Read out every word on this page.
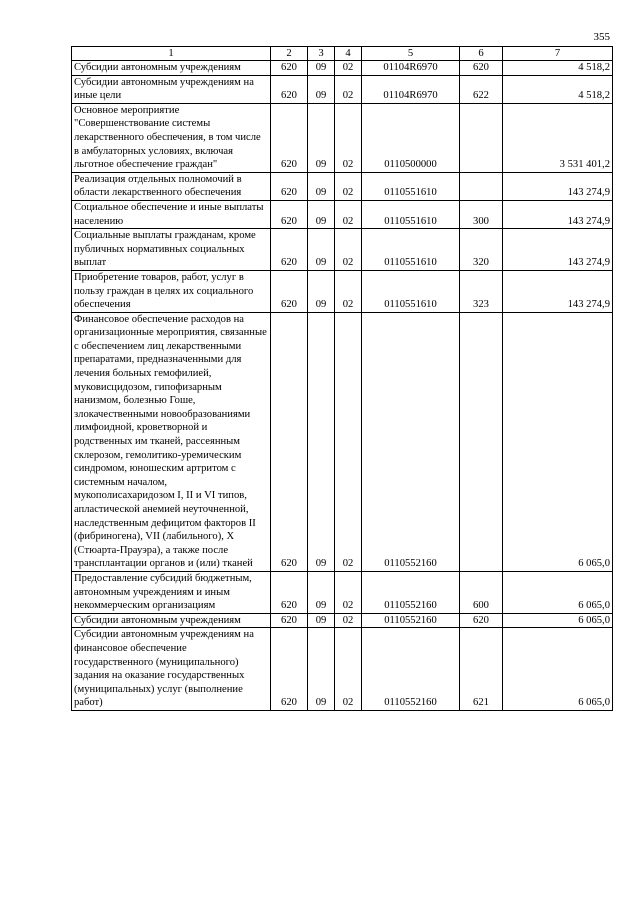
355
1	2	3	4	5	6	7
Субсидии автономным учреждениям	620	09	02	01104R6970	620	4 518,2
Субсидии автономным учреждениям на иные цели	620	09	02	01104R6970	622	4 518,2
Основное мероприятие "Совершенствование системы лекарственного обеспечения, в том числе в амбулаторных условиях, включая льготное обеспечение граждан"	620	09	02	0110500000		3 531 401,2
Реализация отдельных полномочий в области лекарственного обеспечения	620	09	02	0110551610		143 274,9
Социальное обеспечение и иные выплаты населению	620	09	02	0110551610	300	143 274,9
Социальные выплаты гражданам, кроме публичных нормативных социальных выплат	620	09	02	0110551610	320	143 274,9
Приобретение товаров, работ, услуг в пользу граждан в целях их социального обеспечения	620	09	02	0110551610	323	143 274,9
Финансовое обеспечение расходов на организационные мероприятия, связанные с обеспечением лиц лекарственными препаратами, предназначенными для лечения больных гемофилией, муковисцидозом, гипофизарным нанизмом, болезнью Гоше, злокачественными новообразованиями лимфоидной, кроветворной и родственных им тканей, рассеянным склерозом, гемолитико-уремическим синдромом, юношеским артритом с системным началом, мукополисахаридозом I, II и VI типов, апластической анемией неуточненной, наследственным дефицитом факторов II (фибриногена), VII (лабильного), X (Стюарта-Прауэра), а также после трансплантации органов и (или) тканей	620	09	02	0110552160		6 065,0
Предоставление субсидий бюджетным, автономным учреждениям и иным некоммерческим организациям	620	09	02	0110552160	600	6 065,0
Субсидии автономным учреждениям	620	09	02	0110552160	620	6 065,0
Субсидии автономным учреждениям на финансовое обеспечение государственного (муниципального) задания на оказание государственных (муниципальных) услуг (выполнение работ)	620	09	02	0110552160	621	6 065,0
